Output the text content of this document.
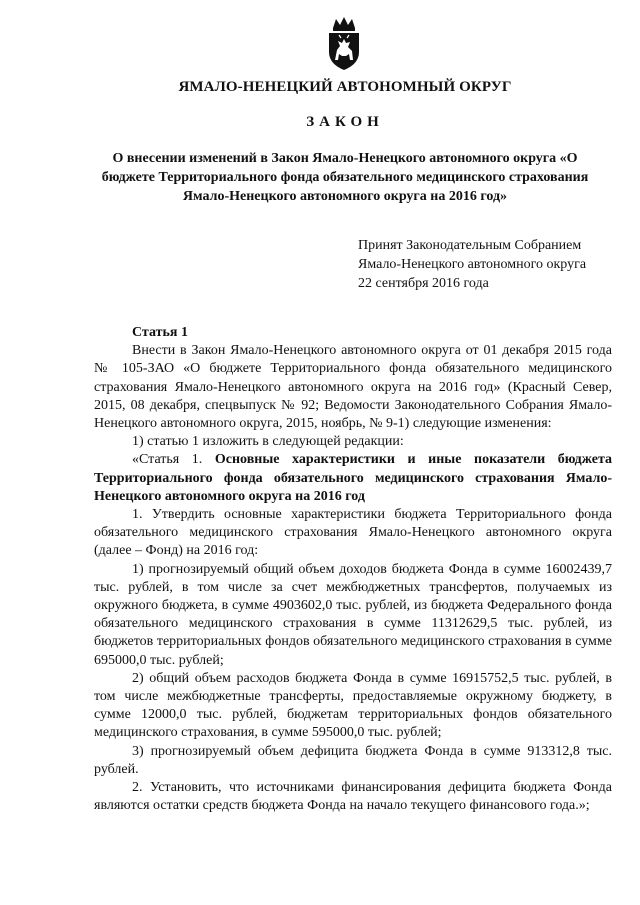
ЯМАЛО-НЕНЕЦКИЙ АВТОНОМНЫЙ ОКРУГ
ЗАКОН
О внесении изменений в Закон Ямало-Ненецкого автономного округа «О бюджете Территориального фонда обязательного медицинского страхования Ямало-Ненецкого автономного округа на 2016 год»
Принят Законодательным Собранием
Ямало-Ненецкого автономного округа
22 сентября 2016 года

Статья 1

Внести в Закон Ямало-Ненецкого автономного округа от 01 декабря 2015 года № 105-ЗАО «О бюджете Территориального фонда обязательного медицинского страхования Ямало-Ненецкого автономного округа на 2016 год» (Красный Север, 2015, 08 декабря, спецвыпуск № 92; Ведомости Законодательного Собрания Ямало-Ненецкого автономного округа, 2015, ноябрь, № 9-1) следующие изменения:

1) статью 1 изложить в следующей редакции:

«Статья 1. Основные характеристики и иные показатели бюджета Территориального фонда обязательного медицинского страхования Ямало-Ненецкого автономного округа на 2016 год

1. Утвердить основные характеристики бюджета Территориального фонда обязательного медицинского страхования Ямало-Ненецкого автономного округа (далее – Фонд) на 2016 год:

1) прогнозируемый общий объем доходов бюджета Фонда в сумме 16002439,7 тыс. рублей, в том числе за счет межбюджетных трансфертов, получаемых из окружного бюджета, в сумме 4903602,0 тыс. рублей, из бюджета Федерального фонда обязательного медицинского страхования в сумме 11312629,5 тыс. рублей, из бюджетов территориальных фондов обязательного медицинского страхования в сумме 695000,0 тыс. рублей;

2) общий объем расходов бюджета Фонда в сумме 16915752,5 тыс. рублей, в том числе межбюджетные трансферты, предоставляемые окружному бюджету, в сумме 12000,0 тыс. рублей, бюджетам территориальных фондов обязательного медицинского страхования, в сумме 595000,0 тыс. рублей;

3) прогнозируемый объем дефицита бюджета Фонда в сумме 913312,8 тыс. рублей.

2. Установить, что источниками финансирования дефицита бюджета Фонда являются остатки средств бюджета Фонда на начало текущего финансового года.»;
